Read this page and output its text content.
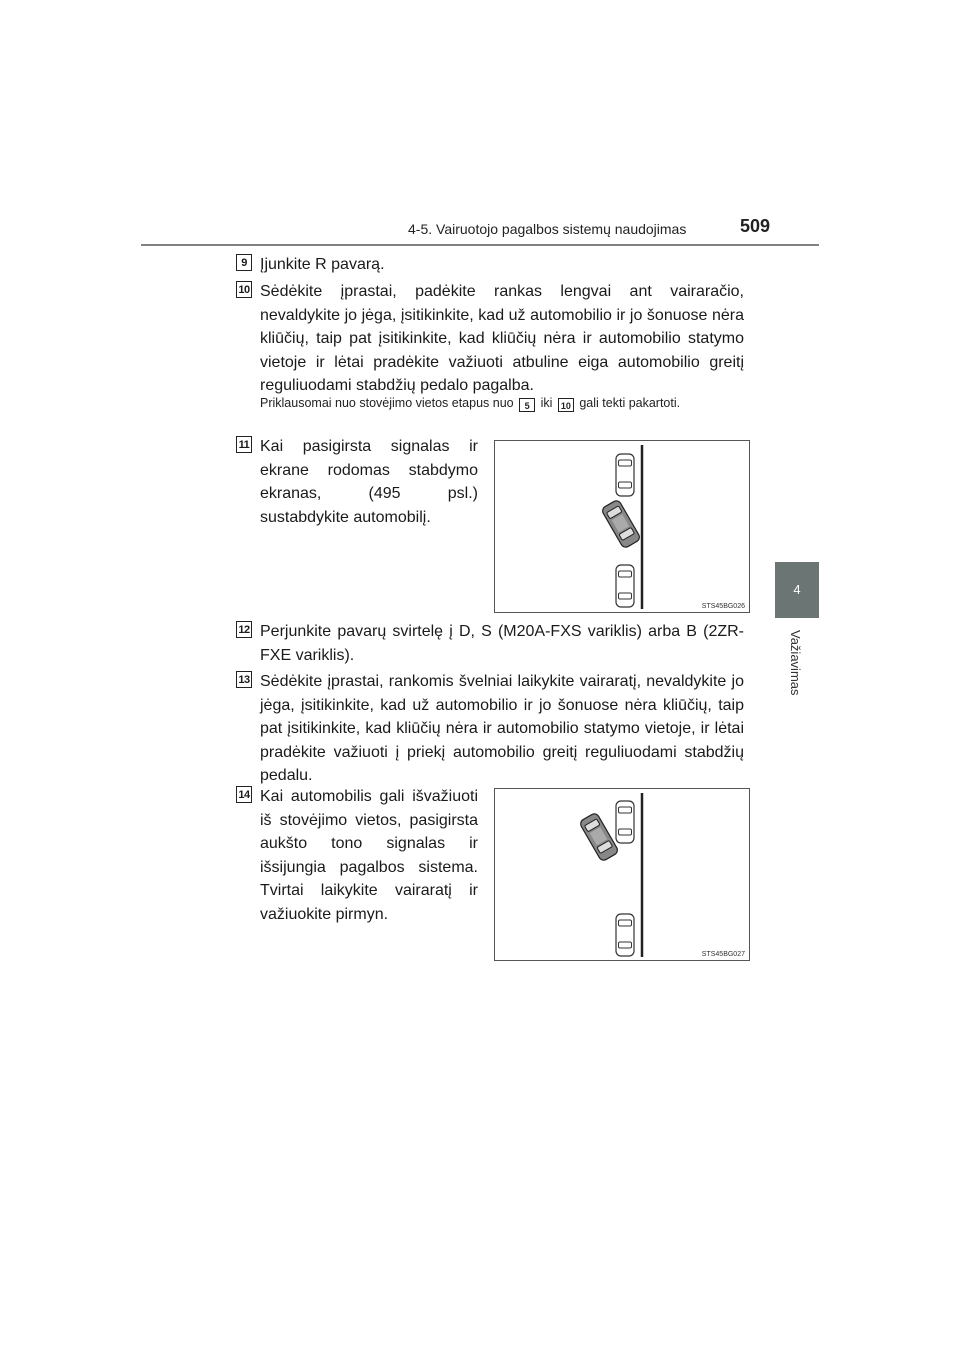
4-5. Vairuotojo pagalbos sistemų naudojimas	509
4
Važiavimas
9 Įjunkite R pavarą.
10 Sėdėkite įprastai, padėkite rankas lengvai ant vairaračio, nevaldykite jo jėga, įsitikinkite, kad už automobilio ir jo šonuose nėra kliūčių, taip pat įsitikinkite, kad kliūčių nėra ir automobilio statymo vietoje ir lėtai pradėkite važiuoti atbuline eiga automobilio greitį reguliuodami stabdžių pedalo pagalba.
Priklausomai nuo stovėjimo vietos etapus nuo 5 iki 10 gali tekti pakartoti.
11 Kai pasigirsta signalas ir ekrane rodomas stabdymo ekranas, (495 psl.) sustabdykite automobilį.
STS45BG026
12 Perjunkite pavarų svirtelę į D, S (M20A-FXS variklis) arba B (2ZR-FXE variklis).
13 Sėdėkite įprastai, rankomis švelniai laikykite vairaratį, nevaldykite jo jėga, įsitikinkite, kad už automobilio ir jo šonuose nėra kliūčių, taip pat įsitikinkite, kad kliūčių nėra ir automobilio statymo vietoje, ir lėtai pradėkite važiuoti į priekį automobilio greitį reguliuodami stabdžių pedalu.
14 Kai automobilis gali išvažiuoti iš stovėjimo vietos, pasigirsta aukšto tono signalas ir išsijungia pagalbos sistema. Tvirtai laikykite vairaratį ir važiuokite pirmyn.
STS45BG027
